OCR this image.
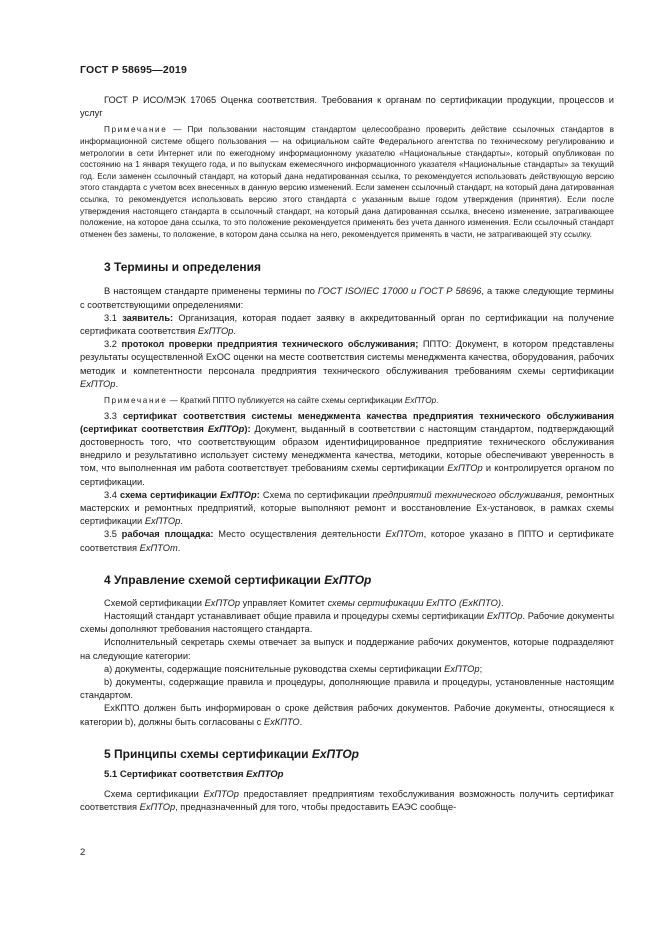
ГОСТ Р 58695—2019

ГОСТ Р ИСО/МЭК 17065 Оценка соответствия. Требования к органам по сертификации продукции, процессов и услуг

Примечание — При пользовании настоящим стандартом целесообразно проверить действие ссылочных стандартов в информационной системе общего пользования — на официальном сайте Федерального агентства по техническому регулированию и метрологии в сети Интернет или по ежегодному информационному указателю «Национальные стандарты», который опубликован по состоянию на 1 января текущего года, и по выпускам ежемесячного информационного указателя «Национальные стандарты» за текущий год. Если заменен ссылочный стандарт, на который дана недатированная ссылка, то рекомендуется использовать действующую версию этого стандарта с учетом всех внесенных в данную версию изменений. Если заменен ссылочный стандарт, на который дана датированная ссылка, то рекомендуется использовать версию этого стандарта с указанным выше годом утверждения (принятия). Если после утверждения настоящего стандарта в ссылочный стандарт, на который дана датированная ссылка, внесено изменение, затрагивающее положение, на которое дана ссылка, то это положение рекомендуется применять без учета данного изменения. Если ссылочный стандарт отменен без замены, то положение, в котором дана ссылка на него, рекомендуется применять в части, не затрагивающей эту ссылку.

3 Термины и определения

В настоящем стандарте применены термины по ГОСТ ISO/IEC 17000 и ГОСТ Р 58696, а также следующие термины с соответствующими определениями:

3.1 заявитель: Организация, которая подает заявку в аккредитованный орган по сертификации на получение сертификата соответствия ExПТОр.

3.2 протокол проверки предприятия технического обслуживания; ППТО: Документ, в котором представлены результаты осуществленной ExOC оценки на месте соответствия системы менеджмента качества, оборудования, рабочих методик и компетентности персонала предприятия технического обслуживания требованиям схемы сертификации ExПТОр.

Примечание — Краткий ППТО публикуется на сайте схемы сертификации ExПТОр.

3.3 сертификат соответствия системы менеджмента качества предприятия технического обслуживания (сертификат соответствия ExПТОр): Документ, выданный в соответствии с настоящим стандартом, подтверждающий достоверность того, что соответствующим образом идентифицированное предприятие технического обслуживания внедрило и результативно использует систему менеджмента качества, методики, которые обеспечивают уверенность в том, что выполненная им работа соответствует требованиям схемы сертификации ExПТОр и контролируется органом по сертификации.

3.4 схема сертификации ExПТОр: Схема по сертификации предприятий технического обслуживания, ремонтных мастерских и ремонтных предприятий, которые выполняют ремонт и восстановление Ex-установок, в рамках схемы сертификации ExПТОр.

3.5 рабочая площадка: Место осуществления деятельности ExПТОт, которое указано в ППТО и сертификате соответствия ExПТОт.

4 Управление схемой сертификации ExПТОр

Схемой сертификации ExПТОр управляет Комитет схемы сертификации ExПТО (ExКПТО).

Настоящий стандарт устанавливает общие правила и процедуры схемы сертификации ExПТОр. Рабочие документы схемы дополняют требования настоящего стандарта.

Исполнительный секретарь схемы отвечает за выпуск и поддержание рабочих документов, которые подразделяют на следующие категории:

а) документы, содержащие пояснительные руководства схемы сертификации ExПТОр;

b) документы, содержащие правила и процедуры, дополняющие правила и процедуры, установленные настоящим стандартом.

ExКПТО должен быть информирован о сроке действия рабочих документов. Рабочие документы, относящиеся к категории b), должны быть согласованы с ExКПТО.

5 Принципы схемы сертификации ExПТОр
5.1 Сертификат соответствия ExПТОр

Схема сертификации ExПТОр предоставляет предприятиям техобслуживания возможность получить сертификат соответствия ExПТОр, предназначенный для того, чтобы предоставить ЕАЭС сообще-

2
